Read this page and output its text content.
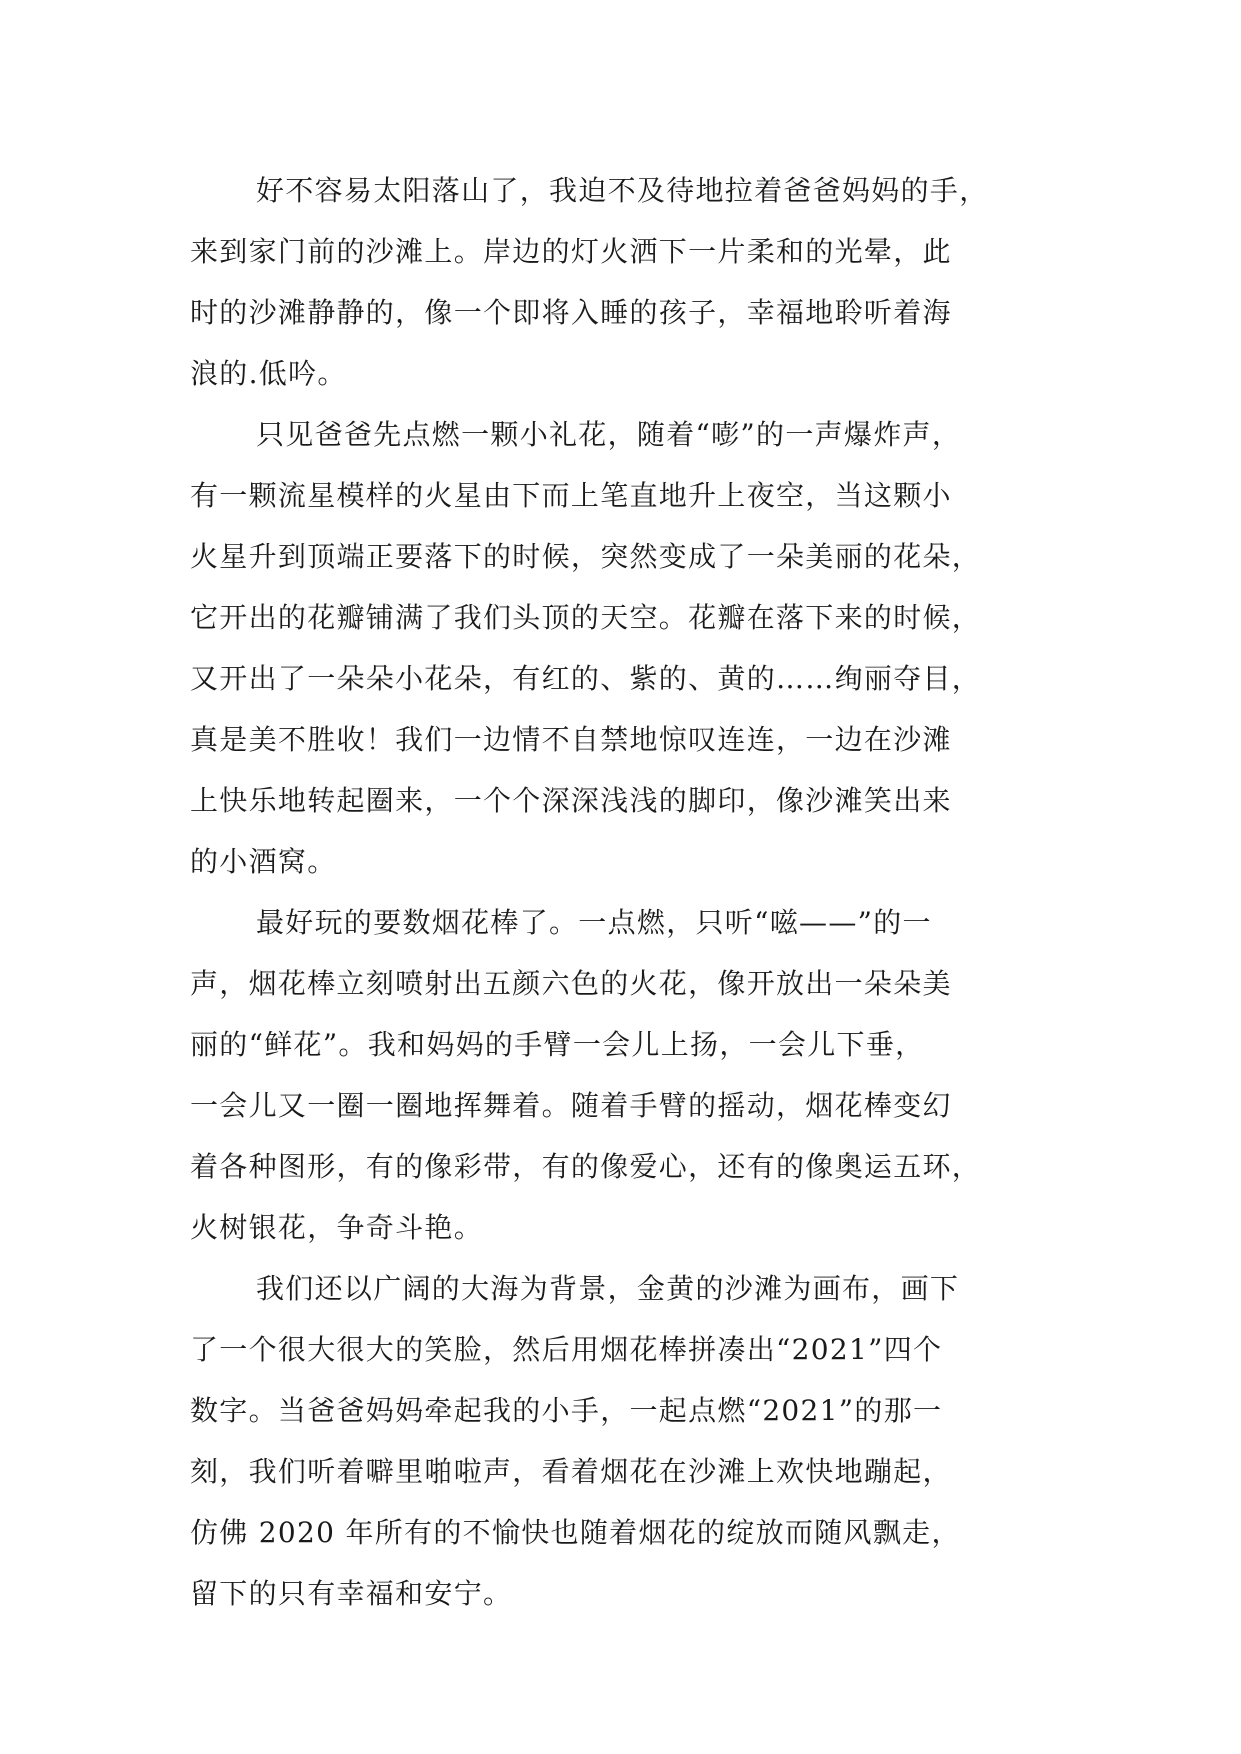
好不容易太阳落山了，我迫不及待地拉着爸爸妈妈的手，
来到家门前的沙滩上。岸边的灯火洒下一片柔和的光晕，此
时的沙滩静静的，像一个即将入睡的孩子，幸福地聆听着海
浪的.低吟。
只见爸爸先点燃一颗小礼花，随着“嘭”的一声爆炸声，
有一颗流星模样的火星由下而上笔直地升上夜空，当这颗小
火星升到顶端正要落下的时候，突然变成了一朵美丽的花朵，
它开出的花瓣铺满了我们头顶的天空。花瓣在落下来的时候，
又开出了一朵朵小花朵，有红的、紫的、黄的……绚丽夺目，
真是美不胜收！我们一边情不自禁地惊叹连连，一边在沙滩
上快乐地转起圈来，一个个深深浅浅的脚印，像沙滩笑出来
的小酒窝。
最好玩的要数烟花棒了。一点燃，只听“嗞——”的一
声，烟花棒立刻喷射出五颜六色的火花，像开放出一朵朵美
丽的“鲜花”。我和妈妈的手臂一会儿上扬，一会儿下垂，
一会儿又一圈一圈地挥舞着。随着手臂的摇动，烟花棒变幻
着各种图形，有的像彩带，有的像爱心，还有的像奥运五环，
火树银花，争奇斗艳。
我们还以广阔的大海为背景，金黄的沙滩为画布，画下
了一个很大很大的笑脸，然后用烟花棒拼凑出“2021”四个
数字。当爸爸妈妈牵起我的小手，一起点燃“2021”的那一
刻，我们听着噼里啪啦声，看着烟花在沙滩上欢快地蹦起，
仿佛 2020 年所有的不愉快也随着烟花的绽放而随风飘走，
留下的只有幸福和安宁。
